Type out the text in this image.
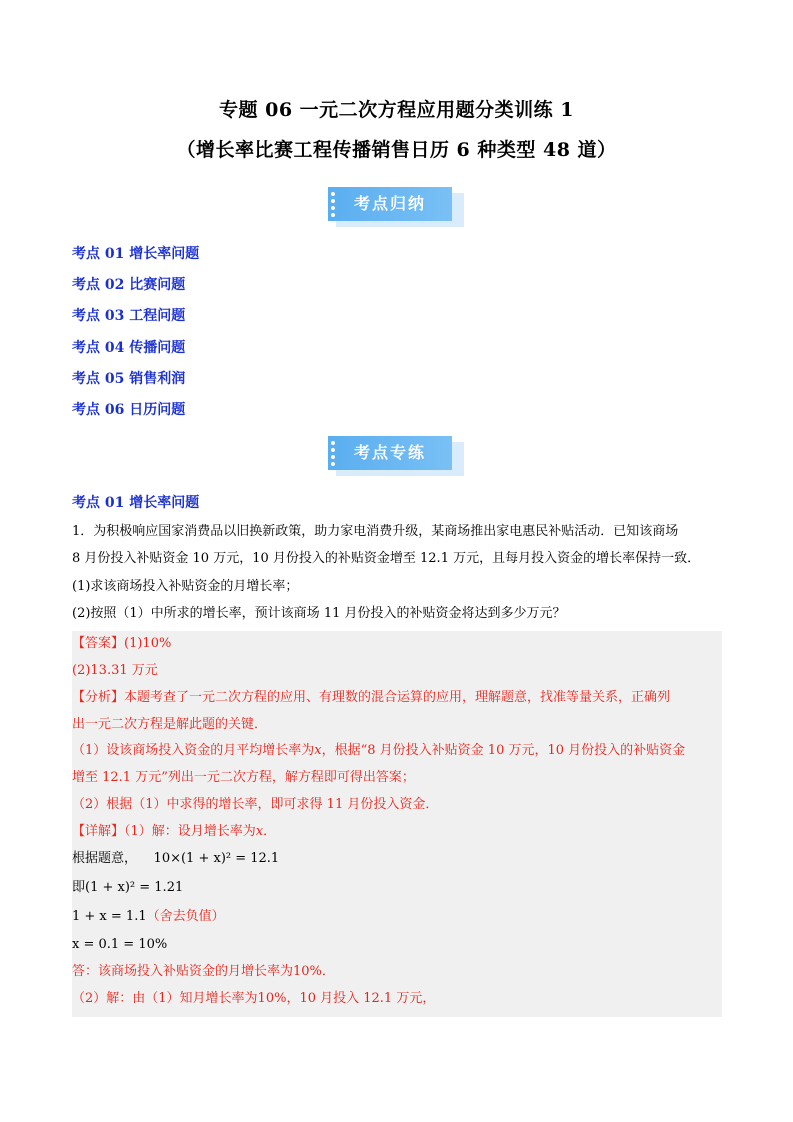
专题 06 一元二次方程应用题分类训练 1
（增长率比赛工程传播销售日历 6 种类型 48 道）
考点归纳
考点 01 增长率问题
考点 02 比赛问题
考点 03 工程问题
考点 04 传播问题
考点 05 销售利润
考点 06 日历问题
考点专练
考点 01 增长率问题
1．为积极响应国家消费品以旧换新政策，助力家电消费升级，某商场推出家电惠民补贴活动．已知该商场
8 月份投入补贴资金 10 万元，10 月份投入的补贴资金增至 12.1 万元，且每月投入资金的增长率保持一致．
(1)求该商场投入补贴资金的月增长率；
(2)按照（1）中所求的增长率，预计该商场 11 月份投入的补贴资金将达到多少万元？
【答案】(1)10%
(2)13.31 万元
【分析】本题考查了一元二次方程的应用、有理数的混合运算的应用，理解题意，找准等量关系，正确列
出一元二次方程是解此题的关键．
（1）设该商场投入资金的月平均增长率为x，根据“8 月份投入补贴资金 10 万元，10 月份投入的补贴资金
增至 12.1 万元”列出一元二次方程，解方程即可得出答案；
（2）根据（1）中求得的增长率，即可求得 11 月份投入资金．
【详解】（1）解：设月增长率为x．
根据题意， 10×(1 + x)² = 12.1
即(1 + x)² = 1.21
1 + x = 1.1（舍去负值）
x = 0.1 = 10%
答：该商场投入补贴资金的月增长率为10%．
（2）解：由（1）知月增长率为10%，10 月投入 12.1 万元，
